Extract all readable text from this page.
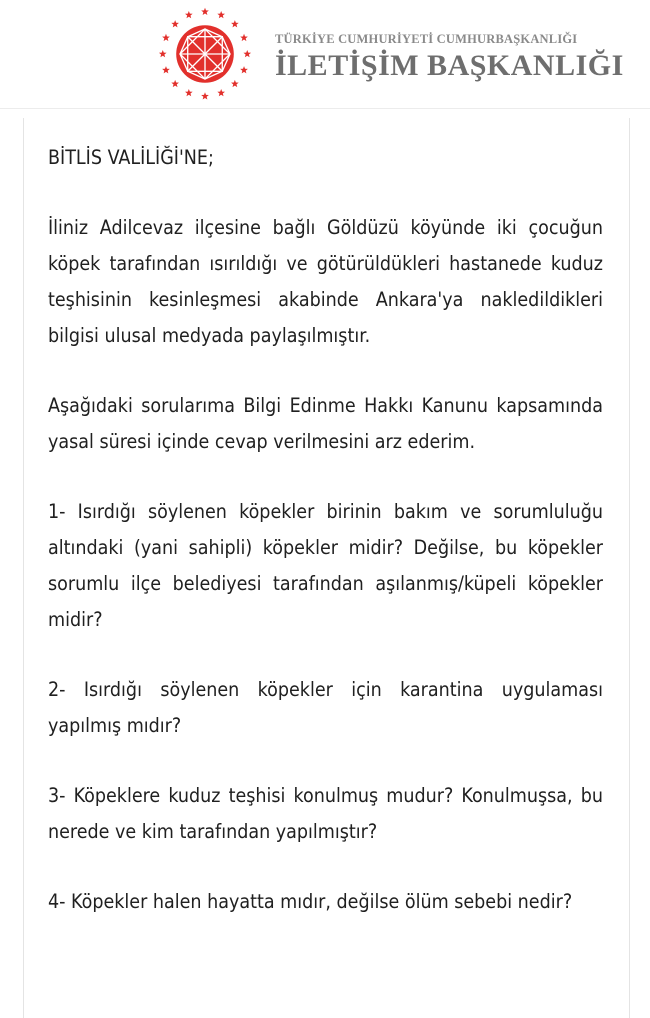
TÜRKİYE CUMHURİYETİ CUMHURBAŞKANLIĞI
İLETİŞİM BAŞKANLIĞI

BİTLİS VALİLİĞİ'NE;

İliniz Adilcevaz ilçesine bağlı Göldüzü köyünde iki çocuğun köpek tarafından ısırıldığı ve götürüldükleri hastanede kuduz teşhisinin kesinleşmesi akabinde Ankara'ya nakledildikleri bilgisi ulusal medyada paylaşılmıştır.

Aşağıdaki sorularıma Bilgi Edinme Hakkı Kanunu kapsamında yasal süresi içinde cevap verilmesini arz ederim.

1- Isırdığı söylenen köpekler birinin bakım ve sorumluluğu altındaki (yani sahipli) köpekler midir? Değilse, bu köpekler sorumlu ilçe belediyesi tarafından aşılanmış/küpeli köpekler midir?

2- Isırdığı söylenen köpekler için karantina uygulaması yapılmış mıdır?

3- Köpeklere kuduz teşhisi konulmuş mudur? Konulmuşsa, bu nerede ve kim tarafından yapılmıştır?

4- Köpekler halen hayatta mıdır, değilse ölüm sebebi nedir?
